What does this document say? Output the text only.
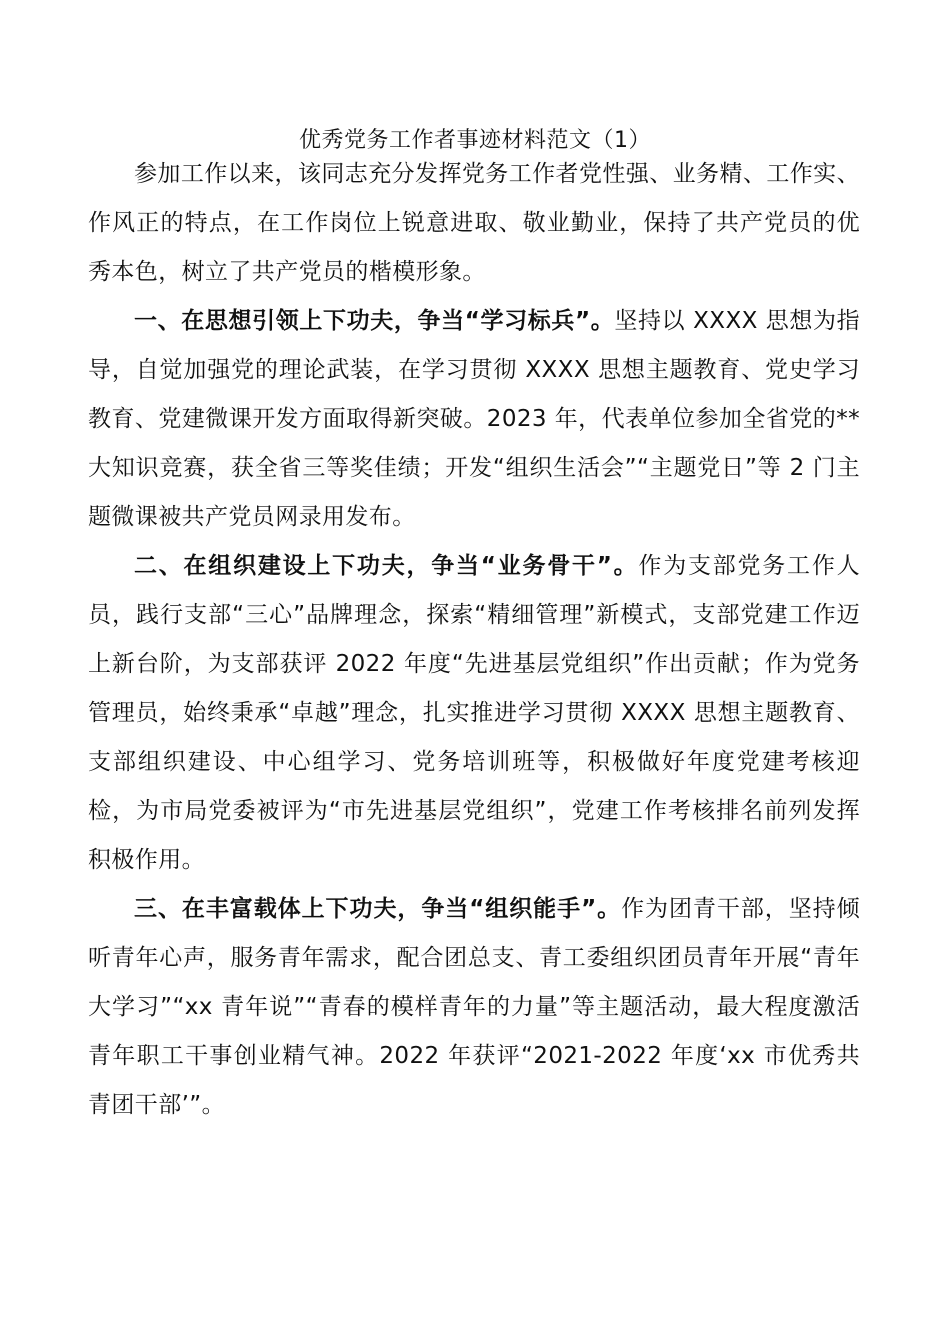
优秀党务工作者事迹材料范文（1）

参加工作以来，该同志充分发挥党务工作者党性强、业务精、工作实、作风正的特点，在工作岗位上锐意进取、敬业勤业，保持了共产党员的优秀本色，树立了共产党员的楷模形象。

一、在思想引领上下功夫，争当“学习标兵”。坚持以 XXXX 思想为指导，自觉加强党的理论武装，在学习贯彻 XXXX 思想主题教育、党史学习教育、党建微课开发方面取得新突破。2023 年，代表单位参加全省党的**大知识竞赛，获全省三等奖佳绩；开发“组织生活会”“主题党日”等 2 门主题微课被共产党员网录用发布。

二、在组织建设上下功夫，争当“业务骨干”。作为支部党务工作人员，践行支部“三心”品牌理念，探索“精细管理”新模式，支部党建工作迈上新台阶，为支部获评 2022 年度“先进基层党组织”作出贡献；作为党务管理员，始终秉承“卓越”理念，扎实推进学习贯彻 XXXX 思想主题教育、支部组织建设、中心组学习、党务培训班等，积极做好年度党建考核迎检，为市局党委被评为“市先进基层党组织”，党建工作考核排名前列发挥积极作用。

三、在丰富载体上下功夫，争当“组织能手”。作为团青干部，坚持倾听青年心声，服务青年需求，配合团总支、青工委组织团员青年开展“青年大学习”“xx 青年说”“青春的模样青年的力量”等主题活动，最大程度激活青年职工干事创业精气神。2022 年获评“2021-2022 年度‘xx 市优秀共青团干部’”。
